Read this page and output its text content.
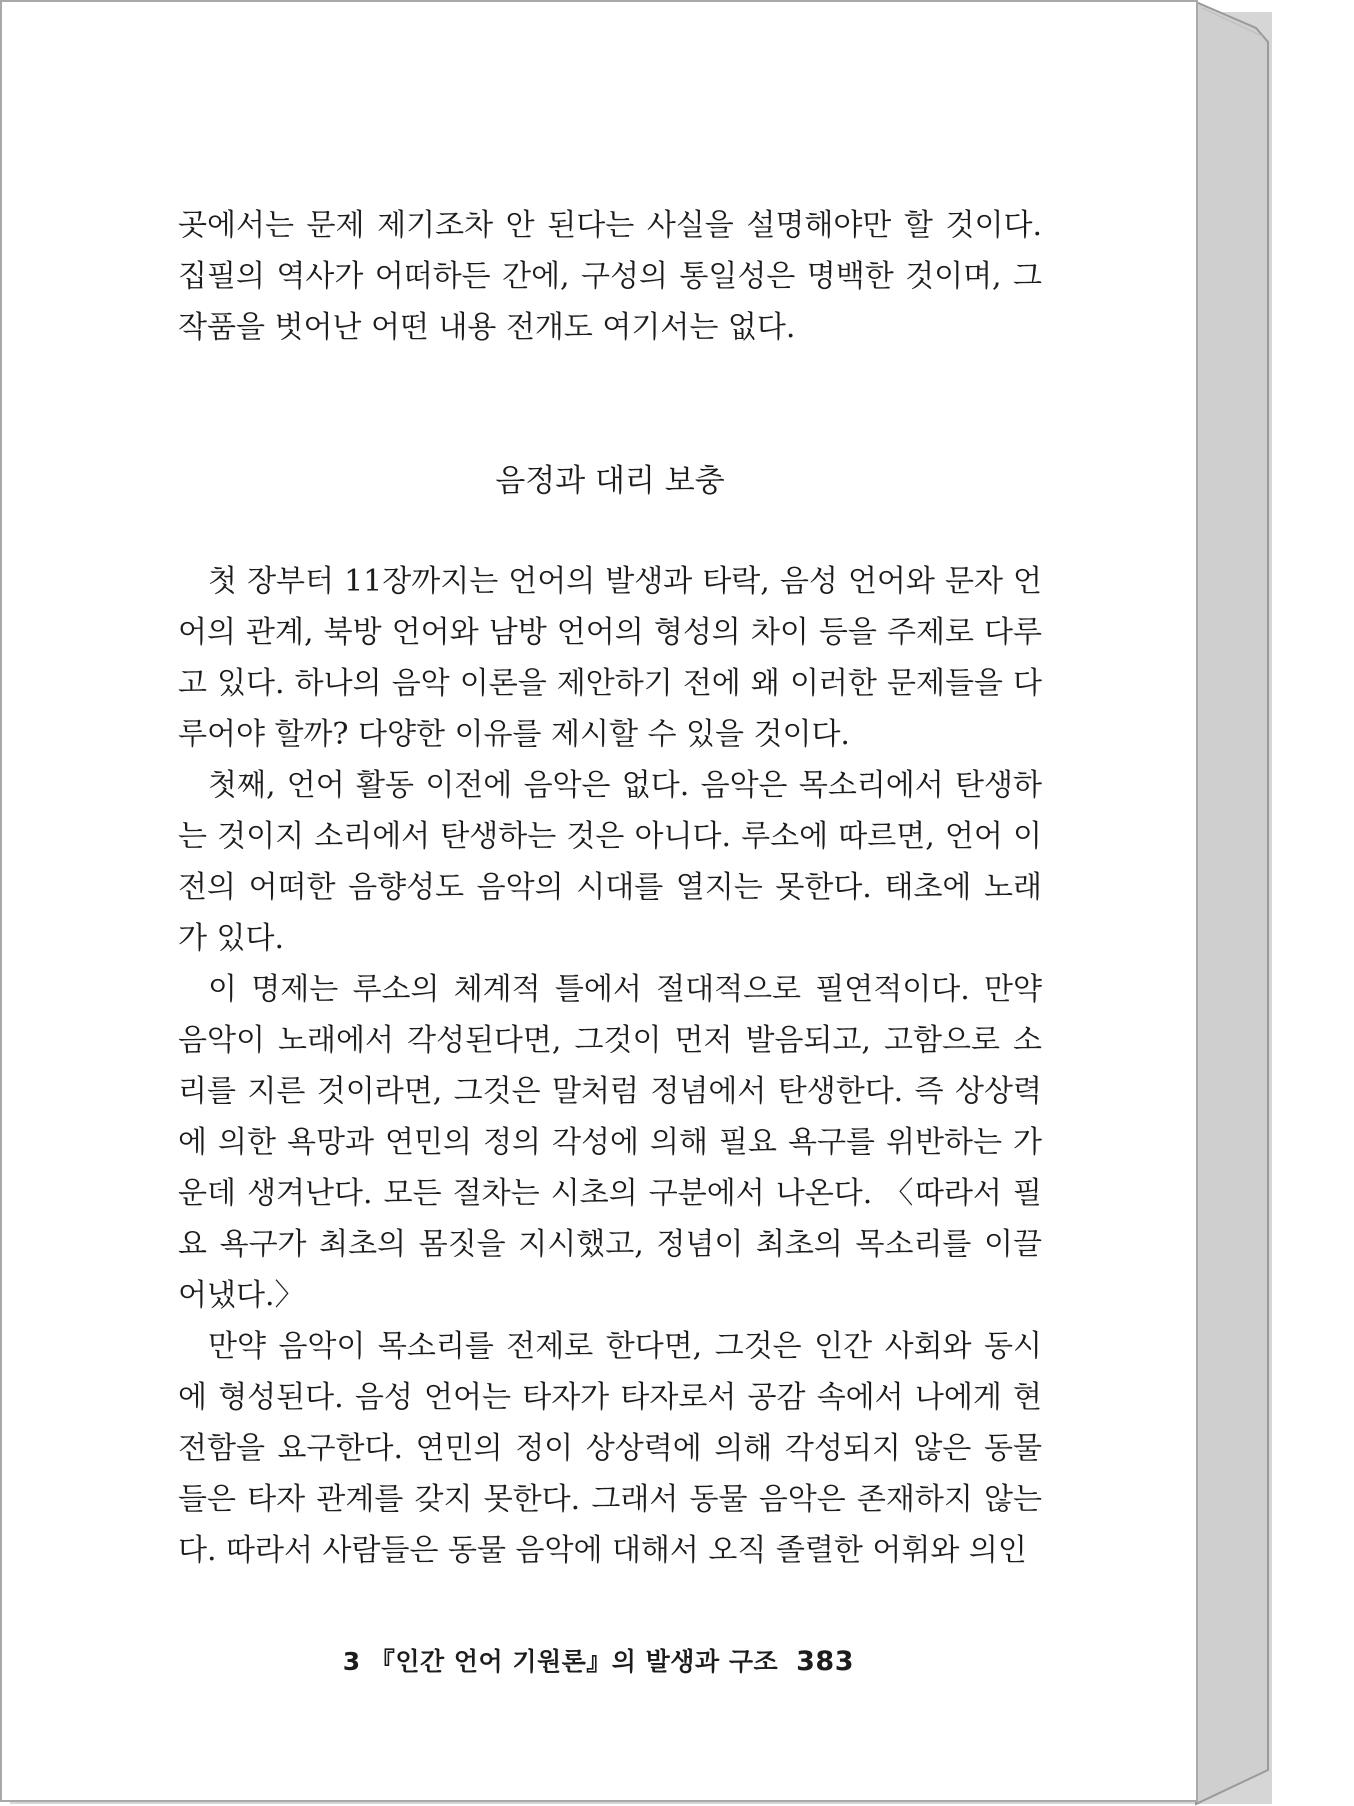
곳에서는 문제 제기조차 안 된다는 사실을 설명해야만 할 것이다. 집필의 역사가 어떠하든 간에, 구성의 통일성은 명백한 것이며, 그 작품을 벗어난 어떤 내용 전개도 여기서는 없다.

음정과 대리 보충

첫 장부터 11장까지는 언어의 발생과 타락, 음성 언어와 문자 언어의 관계, 북방 언어와 남방 언어의 형성의 차이 등을 주제로 다루고 있다. 하나의 음악 이론을 제안하기 전에 왜 이러한 문제들을 다루어야 할까? 다양한 이유를 제시할 수 있을 것이다.

첫째, 언어 활동 이전에 음악은 없다. 음악은 목소리에서 탄생하는 것이지 소리에서 탄생하는 것은 아니다. 루소에 따르면, 언어 이전의 어떠한 음향성도 음악의 시대를 열지는 못한다. 태초에 노래가 있다.

이 명제는 루소의 체계적 틀에서 절대적으로 필연적이다. 만약 음악이 노래에서 각성된다면, 그것이 먼저 발음되고, 고함으로 소리를 지른 것이라면, 그것은 말처럼 정념에서 탄생한다. 즉 상상력에 의한 욕망과 연민의 정의 각성에 의해 필요 욕구를 위반하는 가운데 생겨난다. 모든 절차는 시초의 구분에서 나온다. 〈따라서 필요 욕구가 최초의 몸짓을 지시했고, 정념이 최초의 목소리를 이끌어냈다.〉

만약 음악이 목소리를 전제로 한다면, 그것은 인간 사회와 동시에 형성된다. 음성 언어는 타자가 타자로서 공감 속에서 나에게 현전함을 요구한다. 연민의 정이 상상력에 의해 각성되지 않은 동물들은 타자 관계를 갖지 못한다. 그래서 동물 음악은 존재하지 않는다. 따라서 사람들은 동물 음악에 대해서 오직 졸렬한 어휘와 의인

3 『인간 언어 기원론』의 발생과 구조 383
